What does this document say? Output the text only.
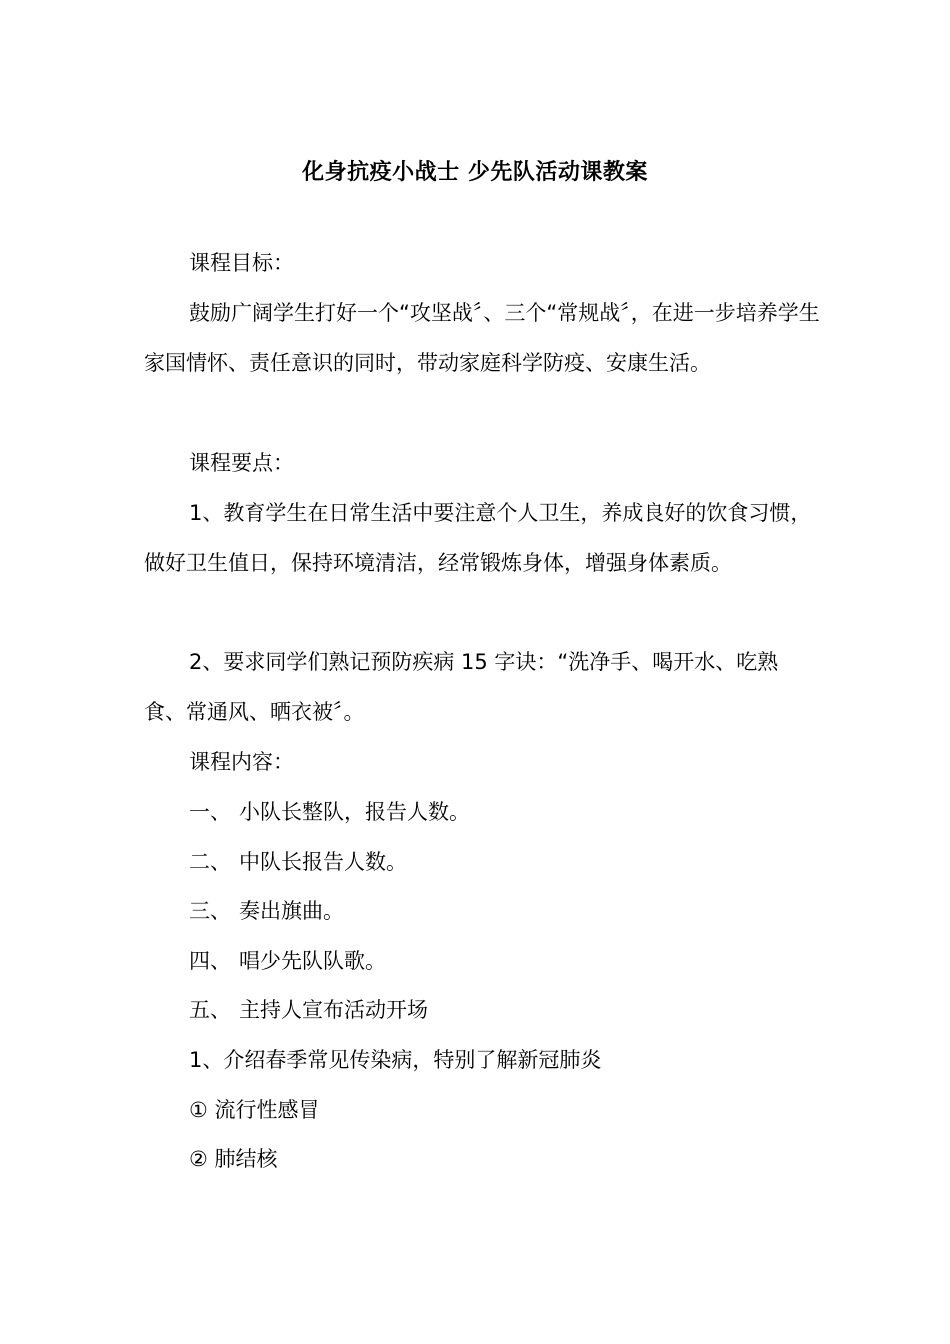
化身抗疫小战士 少先队活动课教案
课程目标：
鼓励广阔学生打好一个“攻坚战〞、三个“常规战〞，在进一步培养学生家国情怀、责任意识的同时，带动家庭科学防疫、安康生活。
课程要点：
1、教育学生在日常生活中要注意个人卫生，养成良好的饮食习惯，做好卫生值日，保持环境清洁，经常锻炼身体，增强身体素质。
2、要求同学们熟记预防疾病 15 字诀：“洗净手、喝开水、吃熟食、常通风、晒衣被〞。
课程内容：
一、 小队长整队，报告人数。
二、 中队长报告人数。
三、 奏出旗曲。
四、 唱少先队队歌。
五、 主持人宣布活动开场
1、介绍春季常见传染病，特别了解新冠肺炎
① 流行性感冒
② 肺结核
